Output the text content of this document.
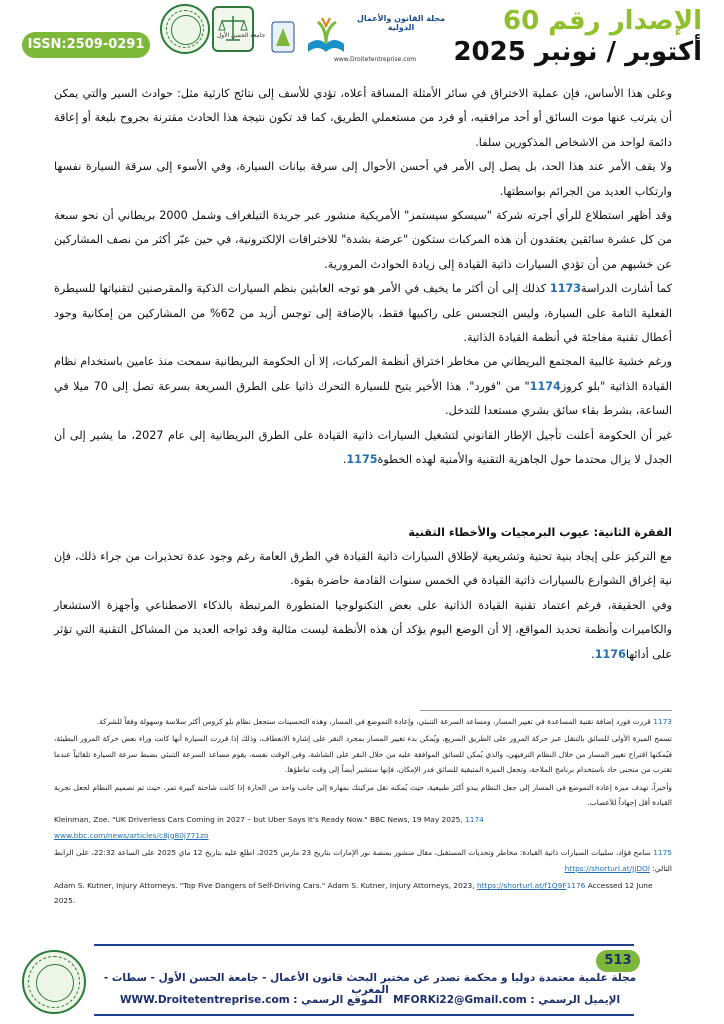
الإصدار رقم 60
أكتوبر / نونبر 2025
ISSN:2509-0291
جامعة الحسن الأول
مجلة القانون والأعمال الدولية
www.Droitetentreprise.com

وعلى هذا الأساس، فإن عملية الاختراق في سائر الأمثلة المساقة أعلاه، تؤدي للأسف إلى نتائج كارثية مثل: حوادث السير والتي يمكن أن يترتب عنها موت السائق أو أحد مرافقيه، أو فرد من مستعملي الطريق، كما قد تكون نتيجة هذا الحادث مقترنة بجروح بليغة أو إعاقة دائمة لواحد من الاشخاص المذكورين سلفا.

ولا يقف الأمر عند هذا الحد، بل يصل إلى الأمر في أحسن الأحوال إلى سرقة بيانات السيارة، وفي الأسوء إلى سرقة السيارة نفسها وارتكاب العديد من الجرائم بواسطتها.

وقد أظهر استطلاع للرأي أجرته شركة "سيسكو سيستمز" الأمريكية منشور عبر جريدة التيلغراف وشمل 2000 بريطاني أن نحو سبعة من كل عشرة سائقين يعتقدون أن هذه المركبات ستكون "عرضة بشدة" للاختراقات الإلكترونية، في حين عبّر أكثر من نصف المشاركين عن خشيهم من أن تؤدي السيارات ذاتية القيادة إلى زيادة الحوادث المرورية.

كما أشارت الدراسة1173 كذلك إلى أن أكثر ما يخيف في الأمر هو توجه العابثين بنظم السيارات الذكية والمقرصنين لتقنياتها للسيطرة الفعلية التامة على السيارة، وليس التجسس على راكبيها فقط، بالإضافة إلى توجس أزيد من 62% من المشاركين من إمكانية وجود أعطال تقنية مفاجئة في أنظمة القيادة الذاتية.

ورغم خشية غالبية المجتمع البريطاني من مخاطر اختراق أنظمة المركبات، إلا أن الحكومة البريطانية سمحت منذ عامين باستخدام نظام القيادة الذاتية "بلو كروز1174" من "فورد". هذا الأخير يتيح للسيارة التحرك ذاتيا على الطرق السريعة بسرعة تصل إلى 70 ميلا في الساعة، بشرط بقاء سائق بشري مستعدا للتدخل.

غير أن الحكومة أعلنت تأجيل الإطار القانوني لتشغيل السيارات ذاتية القيادة على الطرق البريطانية إلى عام 2027، ما يشير إلى أن الجدل لا يزال محتدما حول الجاهزية التقنية والأمنية لهذه الخطوة1175.

الفقرة الثانية: عيوب البرمجيات والأخطاء التقنية

مع التركيز على إيجاد بنية تحتية وتشريعية لإطلاق السيارات ذاتية القيادة في الطرق العامة رغم وجود عدة تحذيرات من جراء ذلك، فإن نية إغراق الشوارع بالسيارات ذاتية القيادة في الخمس سنوات القادمة حاضرة بقوة.

وفي الحقيقة، فرغم اعتماد تقنية القيادة الذاتية على بعض التكنولوجيا المتطورة المرتبطة بالذكاء الاصطناعي وأجهزة الاستشعار والكاميرات وأنظمة تحديد المواقع، إلا أن الوضع اليوم يؤكد أن هذه الأنظمة ليست مثالية وقد تواجه العديد من المشاكل التقنية التي تؤثر على أدائها1176.

1173 قررت فورد إضافة تقنية المساعدة في تغيير المسار، ومساعد السرعة التنبئي، وإعادة التموضع في المسار، وهذه التحسينات ستجعل نظام بلو كروس أكثر سلاسة وسهولة وفقاً للشركة.

تسمح الميزة الأولى للسائق بالتنقل عبر حركة المرور على الطريق السريع، ويُمكن بدء تغيير المسار بمجرد النقر على إشارة الانعطاف، وذلك إذا قررت السيارة أنها كانت وراء بعض حركة المرور البطيئة، فيُمكنها اقتراح تغيير المسار من خلال النظام الترفيهي، والذي يُمكن للسائق الموافقة عليه من خلال النقر على الشاشة، وفي الوقت نفسه، يقوم مساعد السرعة التنبئي بضبط سرعة السيارة تلقائياً عندما تقترب من منحنى حاد باستخدام برنامج الملاحة، وتجعل الميزة المتبقية للسائق فدر الإمكان، فإنها ستشير أيضاً إلى وقت تباطؤها.

وأخيراً، تهدف ميزة إعادة التموضع في المسار إلى جعل النظام يبدو أكثر طبيعية، حيث يُمكنه نقل مركبتك بمهارة إلى جانب واحد من الحارة إذا كانت شاحنة كبيرة تمر، حيث تم تصميم النظام لجعل تجربة القيادة أقل إجهاداً للأعصاب.

Kleinman, Zoe. "UK Driverless Cars Coming in 2027 – but Uber Says It's Ready Now." BBC News, 19 May 2025, 1174
www.bbc.com/news/articles/c8jg80j771zo

1175 سامح فؤاد، سلبيات السيارات ذاتية القيادة: مخاطر وتحديات المستقبل، مقال منشور بمنصة نور الإمارات بتاريخ 23 مارس 2025، اطلع عليه بتاريخ 12 ماي 2025 على الساعة 22:32، على الرابط التالي: https://shorturl.at/JjDOl

Adam S. Kutner, Injury Attorneys. "Top Five Dangers of Self-Driving Cars." Adam S. Kutner, Injury Attorneys, 2023, https://shorturl.at/f1Q9F1176 Accessed 12 June 2025.

513
مجلة علمية معتمدة دوليا و محكمة تصدر عن مختبر البحث قانون الأعمال - جامعة الحسن الأول - سطات - المغرب
الإيميل الرسمي : MFORKi22@Gmail.com   الموقع الرسمي : WWW.Droitetentreprise.com
